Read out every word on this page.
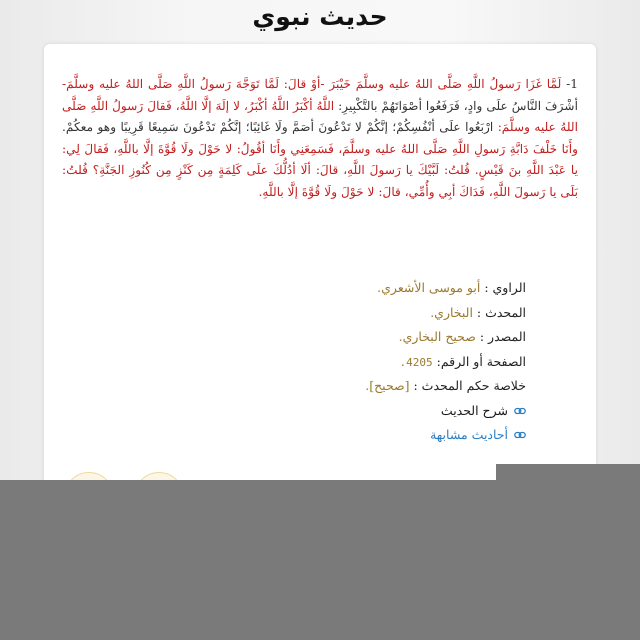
حديث نبوي
1- لَمَّا غَزَا رَسولُ اللَّهِ صَلَّى اللهُ عليه وسلَّمَ خَيْبَرَ -أوْ قالَ: لَمَّا تَوَجَّهَ رَسولُ اللَّهِ صَلَّى اللهُ عليه وسلَّمَ- أشْرَفَ النَّاسُ علَى وادٍ، فَرَفَعُوا أصْوَاتَهُمْ بالتَّكْبِيرِ: اللَّهُ أكْبَرُ اللَّهُ أكْبَرُ، لا إلَهَ إلَّا اللَّهُ، فَقالَ رَسولُ اللَّهِ صَلَّى اللهُ عليه وسلَّمَ: ارْبَعُوا علَى أنْفُسِكُمْ؛ إنَّكُمْ لا تَدْعُونَ أصَمَّ ولَا غَائِبًا؛ إنَّكُمْ تَدْعُونَ سَمِيعًا قَرِيبًا وهو معكُمْ. وأَنَا خَلْفَ دَابَّةِ رَسولِ اللَّهِ صَلَّى اللهُ عليه وسلَّمَ، فَسَمِعَنِي وأَنَا أقُولُ: لا حَوْلَ ولَا قُوَّةَ إلَّا باللَّهِ، فَقالَ لِي: يا عَبْدَ اللَّهِ بنَ قَيْسٍ. قُلتُ: لَبَّيْكَ يا رَسولَ اللَّهِ، قالَ: ألَا أدُلُّكَ علَى كَلِمَةٍ مِن كَنْزٍ مِن كُنُوزِ الجَنَّةِ؟ قُلتُ: بَلَى يا رَسولَ اللَّهِ، فَدَاكَ أبِي وأُمِّي، قالَ: لا حَوْلَ ولَا قُوَّةَ إلَّا باللَّهِ.
الراوي : أبو موسى الأشعري.
المحدث : البخاري.
المصدر : صحيح البخاري.
الصفحة أو الرقم: 4205.
خلاصة حكم المحدث : [صحيح].
شرح الحديث
أحاديث مشابهة
